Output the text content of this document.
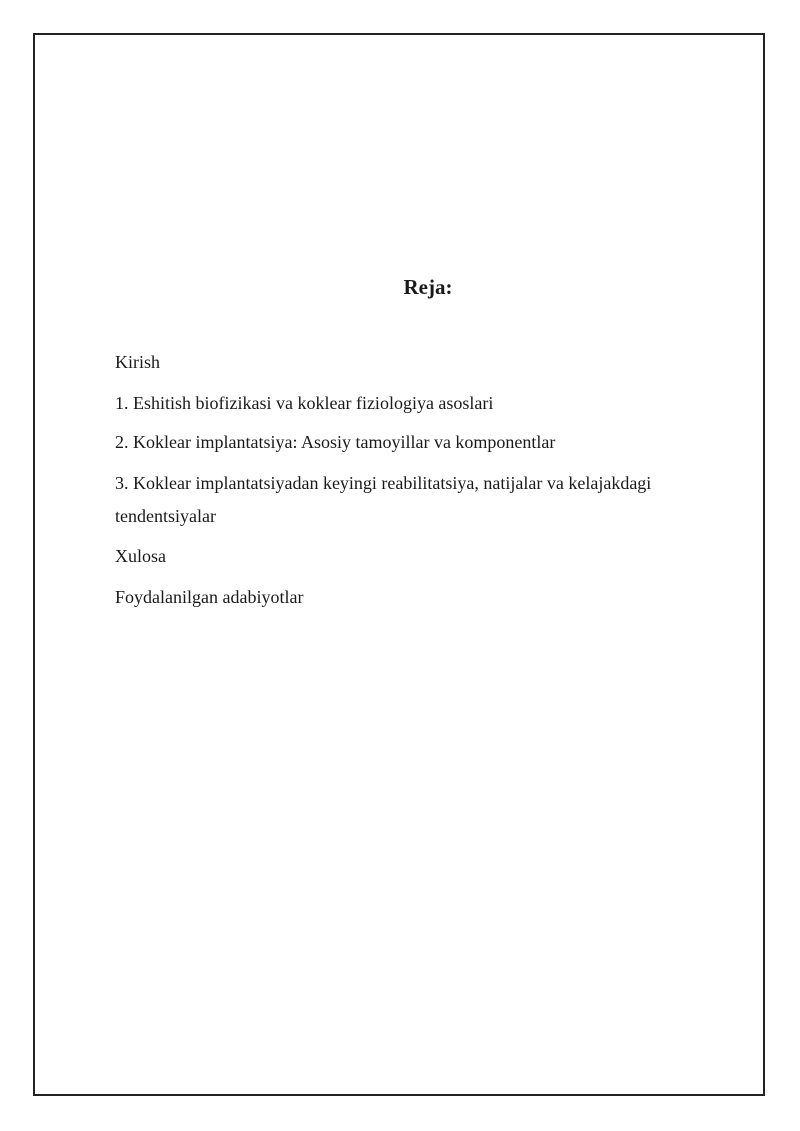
Reja:
Kirish
1. Eshitish biofizikasi va koklear fiziologiya asoslari
2. Koklear implantatsiya: Asosiy tamoyillar va komponentlar
3. Koklear implantatsiyadan keyingi reabilitatsiya, natijalar va kelajakdagi tendentsiyalar
Xulosa
Foydalanilgan adabiyotlar
